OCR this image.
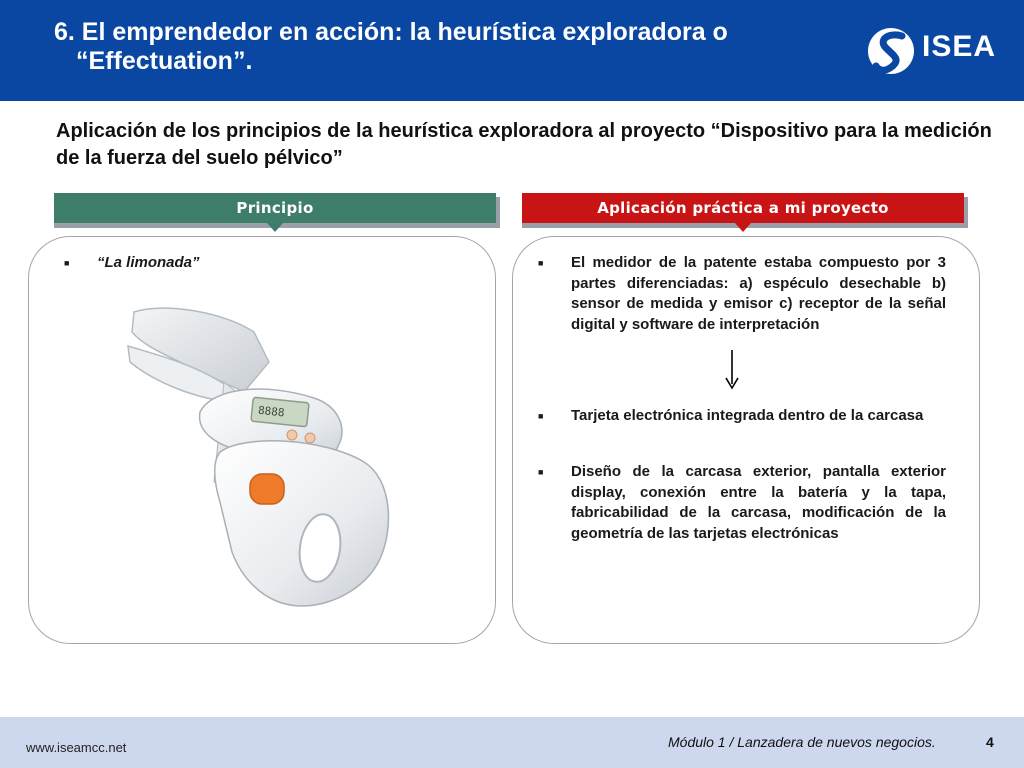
6. El emprendedor en acción: la heurística exploradora o
“Effectuation”.	ISEA
Aplicación de los principios de la heurística exploradora al proyecto “Dispositivo para la medición de la fuerza del suelo pélvico”
Principio	Aplicación práctica a mi proyecto
■	“La limonada”
8888
■	El medidor de la patente estaba compuesto por 3 partes diferenciadas: a) espéculo desechable b) sensor de medida y emisor c) receptor de la señal digital y software de interpretación
■	Tarjeta electrónica integrada dentro de la carcasa
■	Diseño de la carcasa exterior, pantalla exterior display, conexión entre la batería y la tapa, fabricabilidad de la carcasa, modificación de la geometría de las tarjetas electrónicas
www.iseamcc.net	Módulo 1 / Lanzadera de nuevos negocios.	4
